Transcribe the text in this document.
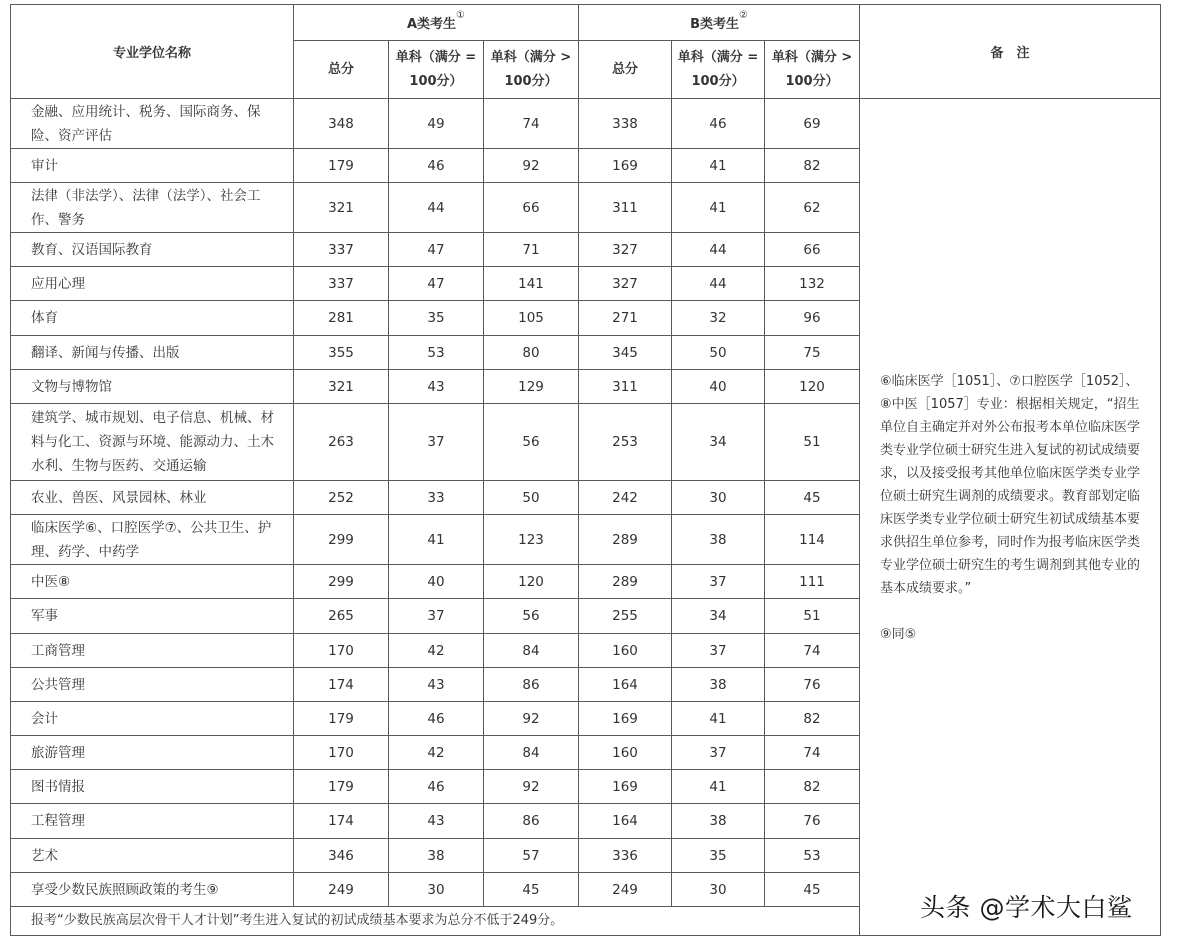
专业学位名称	A类考生①			B类考生②			备　注
	总分	单科（满分 = 100分）	单科（满分 > 100分）	总分	单科（满分 = 100分）	单科（满分 > 100分）	
金融、应用统计、税务、国际商务、保险、资产评估	348	49	74	338	46	69	⑥临床医学［1051］、⑦口腔医学［1052］、⑧中医［1057］专业：根据相关规定，“招生单位自主确定并对外公布报考本单位临床医学类专业学位硕士研究生进入复试的初试成绩要求，以及接受报考其他单位临床医学类专业学位硕士研究生调剂的成绩要求。教育部划定临床医学类专业学位硕士研究生初试成绩基本要求供招生单位参考，同时作为报考临床医学类专业学位硕士研究生的考生调剂到其他专业的基本成绩要求。”
⑨同⑤

审计	179	46	92	169	41	82	
法律（非法学）、法律（法学）、社会工作、警务	321	44	66	311	41	62	
教育、汉语国际教育	337	47	71	327	44	66	
应用心理	337	47	141	327	44	132	
体育	281	35	105	271	32	96	
翻译、新闻与传播、出版	355	53	80	345	50	75	
文物与博物馆	321	43	129	311	40	120	
建筑学、城市规划、电子信息、机械、材料与化工、资源与环境、能源动力、土木水利、生物与医药、交通运输	263	37	56	253	34	51	
农业、兽医、风景园林、林业	252	33	50	242	30	45	
临床医学⑥、口腔医学⑦、公共卫生、护理、药学、中药学	299	41	123	289	38	114	
中医⑧	299	40	120	289	37	111	
军事	265	37	56	255	34	51	
工商管理	170	42	84	160	37	74	
公共管理	174	43	86	164	38	76	
会计	179	46	92	169	41	82	
旅游管理	170	42	84	160	37	74	
图书情报	179	46	92	169	41	82	
工程管理	174	43	86	164	38	76	
艺术	346	38	57	336	35	53	
享受少数民族照顾政策的考生⑨	249	30	45	249	30	45	
报考“少数民族高层次骨干人才计划”考生进入复试的初试成绩基本要求为总分不低于249分。								头条 @学术大白鲨
